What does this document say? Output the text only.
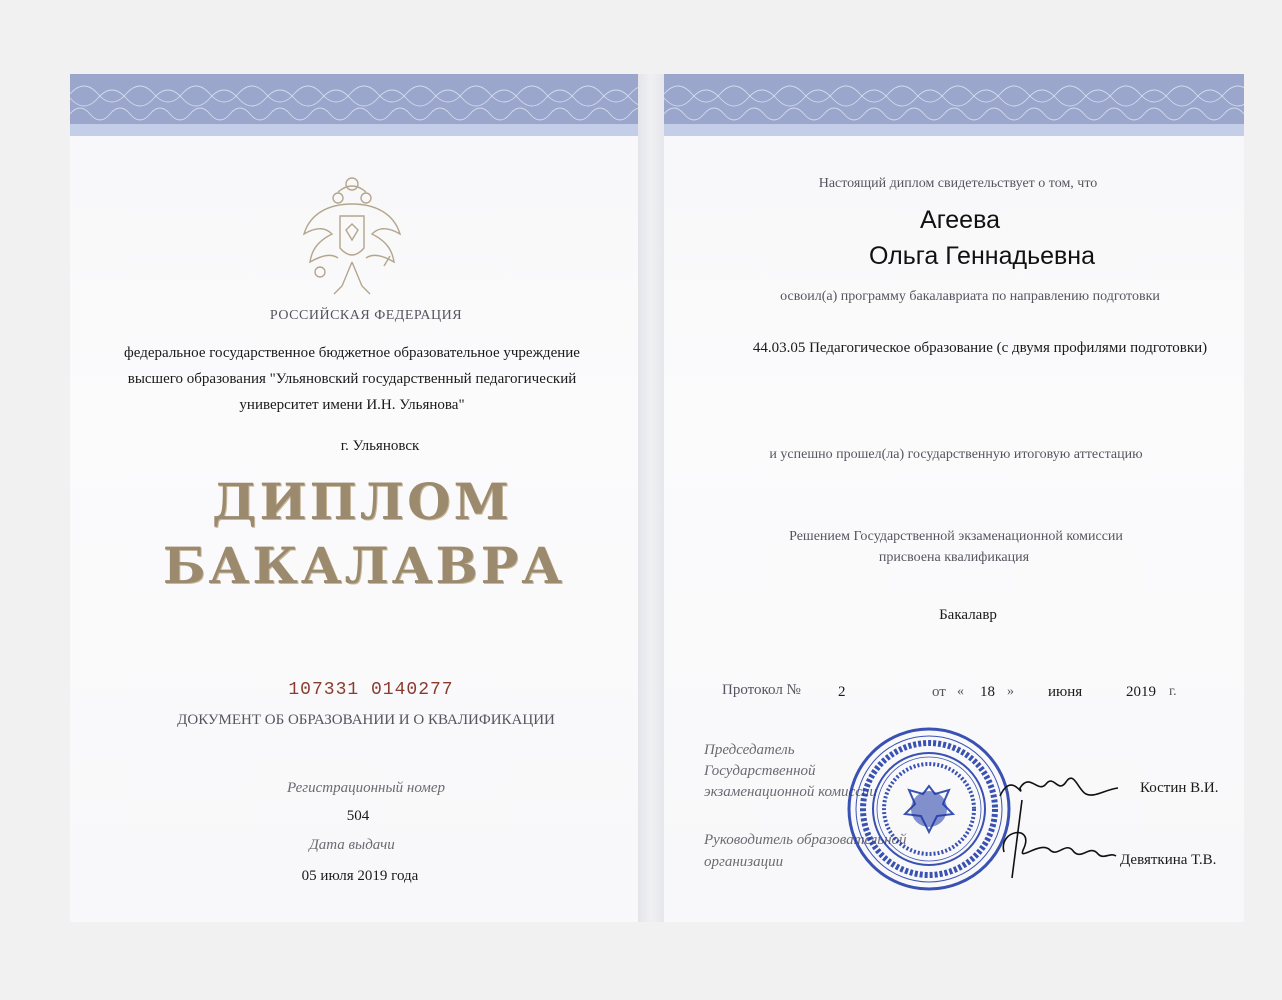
РОССИЙСКАЯ ФЕДЕРАЦИЯ
федеральное государственное бюджетное образовательное учреждение
высшего образования "Ульяновский государственный педагогический
университет имени И.Н. Ульянова"
г. Ульяновск
ДИПЛОМ
БАКАЛАВРА
107331 0140277
ДОКУМЕНТ ОБ ОБРАЗОВАНИИ И О КВАЛИФИКАЦИИ
Регистрационный номер
504
Дата выдачи
05 июля 2019 года
Настоящий диплом свидетельствует о том, что
Агеева
Ольга Геннадьевна
освоил(а) программу бакалавриата по направлению подготовки
44.03.05 Педагогическое образование (с двумя профилями подготовки)
и успешно прошел(ла) государственную итоговую аттестацию
Решением Государственной экзаменационной комиссии
присвоена квалификация
Бакалавр
Протокол № 2	от « 18 » июня	2019 г.
Председатель
Государственной
экзаменационной комиссии	Костин В.И.
Руководитель образовательной
организации	Девяткина Т.В.
